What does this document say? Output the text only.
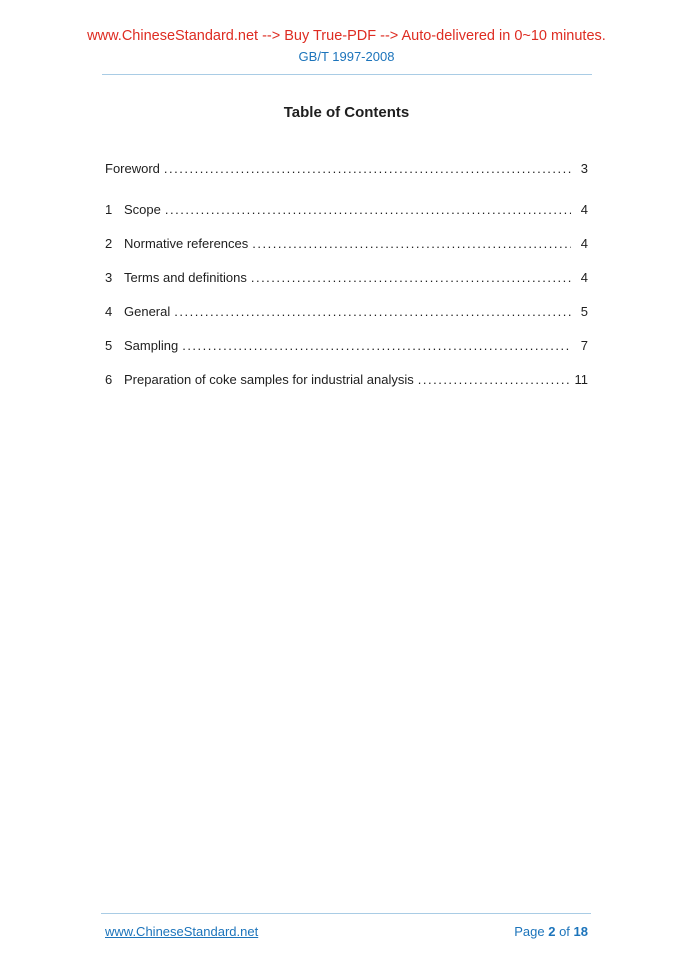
www.ChineseStandard.net --> Buy True-PDF --> Auto-delivered in 0~10 minutes.
GB/T 1997-2008
Table of Contents
Foreword .....	3
1 Scope .....	4
2 Normative references .....	4
3 Terms and definitions .....	4
4 General .....	5
5 Sampling .....	7
6 Preparation of coke samples for industrial analysis .....	11
www.ChineseStandard.net	Page 2 of 18
